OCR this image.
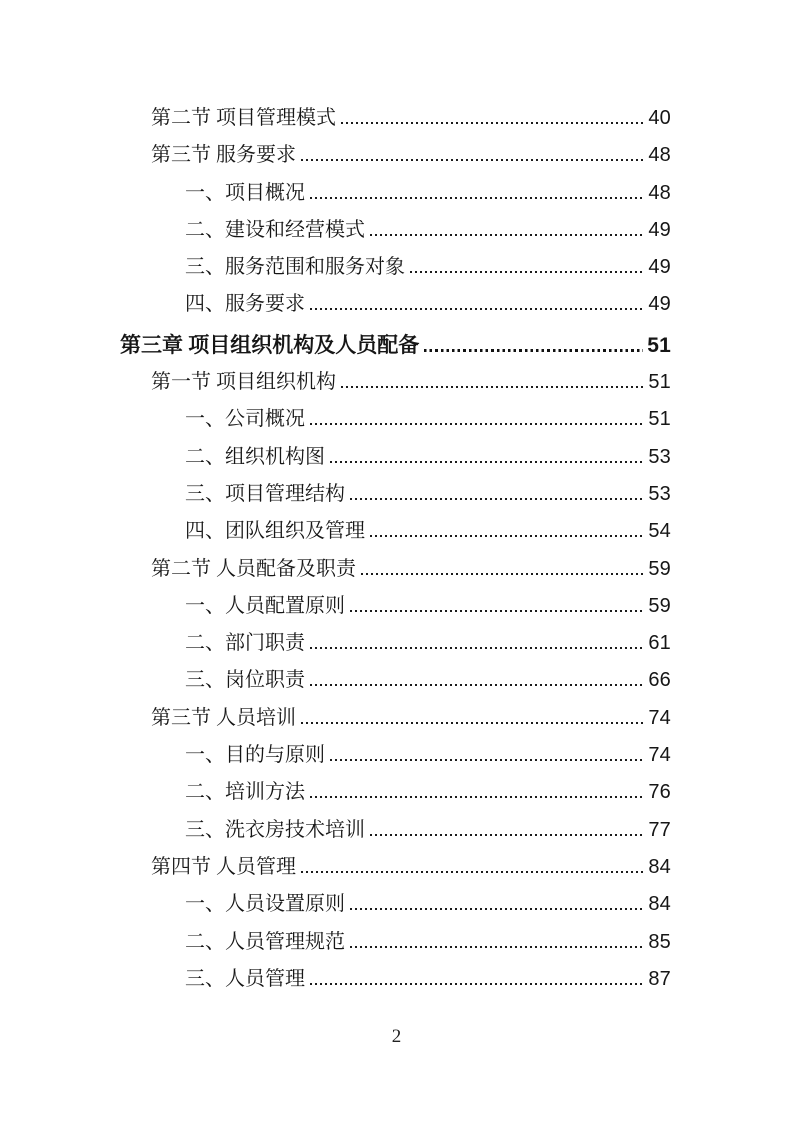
第二节 项目管理模式	40
第三节 服务要求	48
一、项目概况	48
二、建设和经营模式	49
三、服务范围和服务对象	49
四、服务要求	49
第三章 项目组织机构及人员配备	51
第一节 项目组织机构	51
一、公司概况	51
二、组织机构图	53
三、项目管理结构	53
四、团队组织及管理	54
第二节 人员配备及职责	59
一、人员配置原则	59
二、部门职责	61
三、岗位职责	66
第三节 人员培训	74
一、目的与原则	74
二、培训方法	76
三、洗衣房技术培训	77
第四节 人员管理	84
一、人员设置原则	84
二、人员管理规范	85
三、人员管理	87
2
